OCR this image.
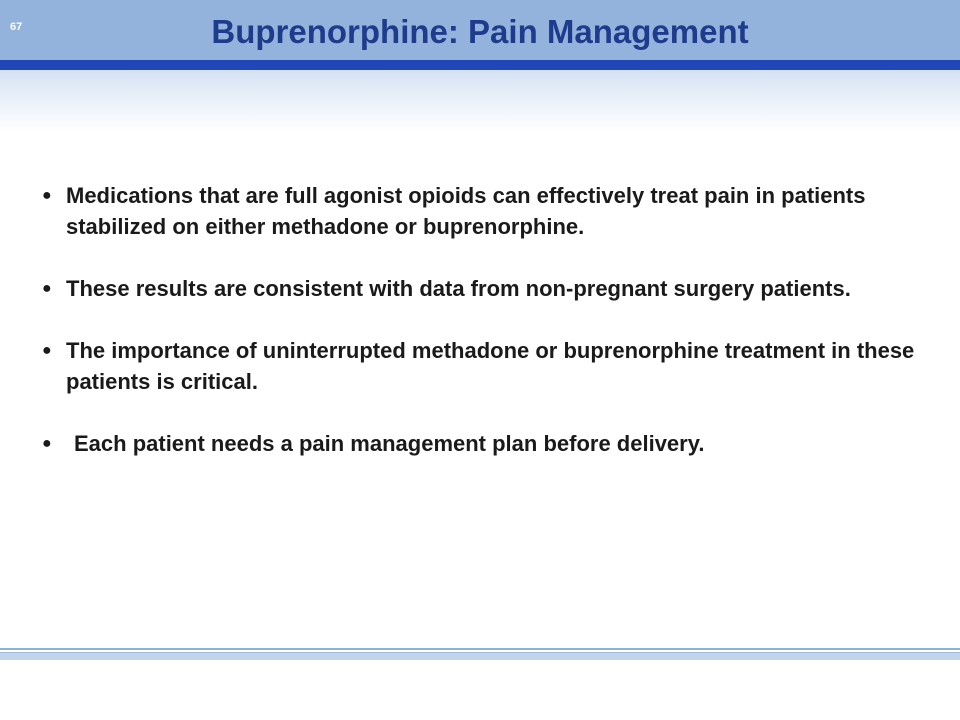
67	Buprenorphine: Pain Management
● Medications that are full agonist opioids can effectively treat pain in patients stabilized on either methadone or buprenorphine.
● These results are consistent with data from non-pregnant surgery patients.
● The importance of uninterrupted methadone or buprenorphine treatment in these patients is critical.
● Each patient needs a pain management plan before delivery.
